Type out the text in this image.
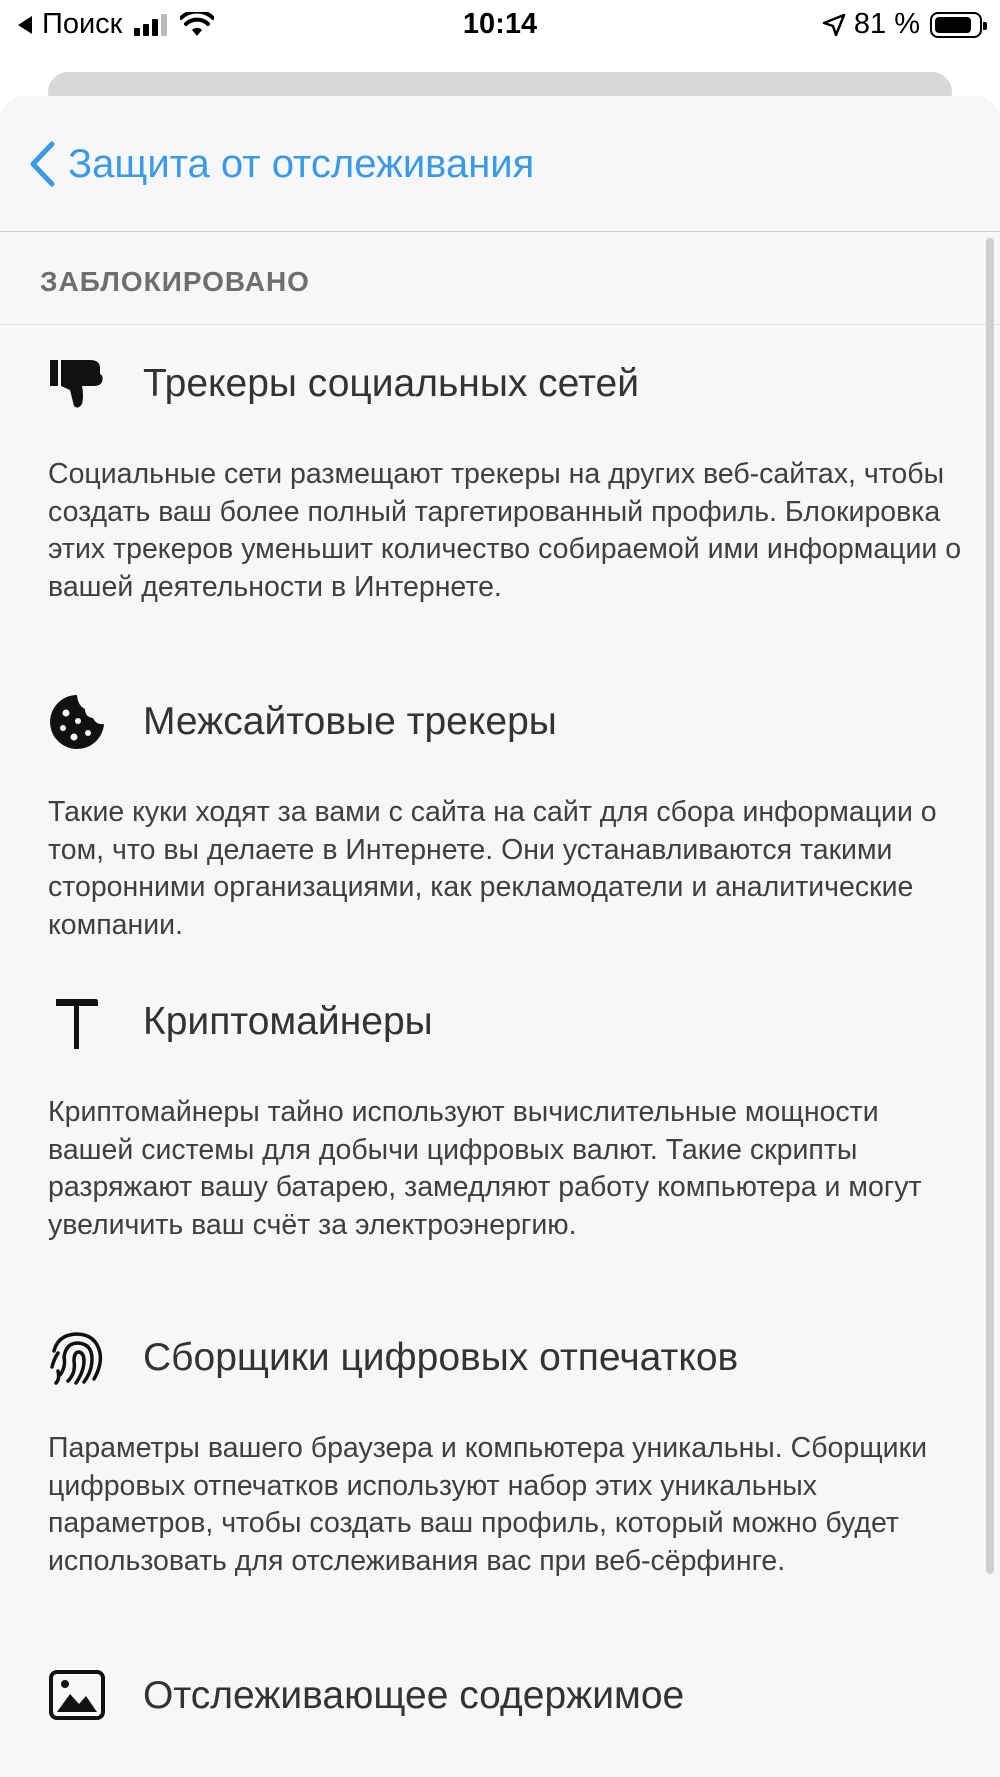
Поиск	10:14	81 %
Защита от отслеживания
ЗАБЛОКИРОВАНО
Трекеры социальных сетей
Социальные сети размещают трекеры на других веб-сайтах, чтобы создать ваш более полный таргетированный профиль. Блокировка этих трекеров уменьшит количество собираемой ими информации о вашей деятельности в Интернете.
Межсайтовые трекеры
Такие куки ходят за вами с сайта на сайт для сбора информации о том, что вы делаете в Интернете. Они устанавливаются такими сторонними организациями, как рекламодатели и аналитические компании.
Криптомайнеры
Криптомайнеры тайно используют вычислительные мощности вашей системы для добычи цифровых валют. Такие скрипты разряжают вашу батарею, замедляют работу компьютера и могут увеличить ваш счёт за электроэнергию.
Сборщики цифровых отпечатков
Параметры вашего браузера и компьютера уникальны. Сборщики цифровых отпечатков используют набор этих уникальных параметров, чтобы создать ваш профиль, который можно будет использовать для отслеживания вас при веб-сёрфинге.
Отслеживающее содержимое
